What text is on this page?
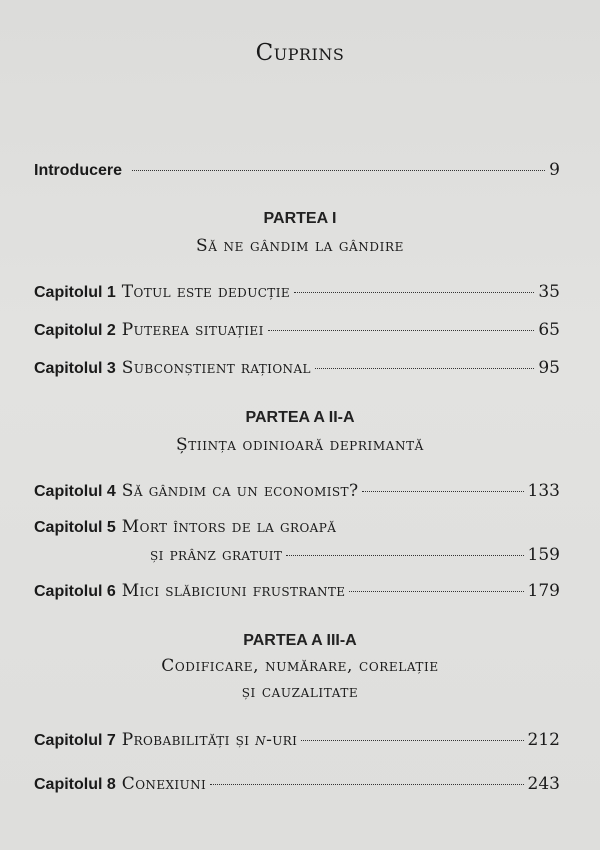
⠀
Cuprins
Introducere	9
PARTEA I
Să ne gândim la gândire
Capitolul 1 Totul este deducție	35
Capitolul 2 Puterea situației	65
Capitolul 3 Subconștient rațional	95
PARTEA A II-A
Știința odinioară deprimantă
Capitolul 4 Să gândim ca un economist?	133
Capitolul 5 Mort întors de la groapă
și prânz gratuit	159
Capitolul 6 Mici slăbiciuni frustrante	179
PARTEA A III-A
Codificare, numărare, corelație
și cauzalitate
Capitolul 7 Probabilități și n-uri	212
Capitolul 8 Conexiuni	243
